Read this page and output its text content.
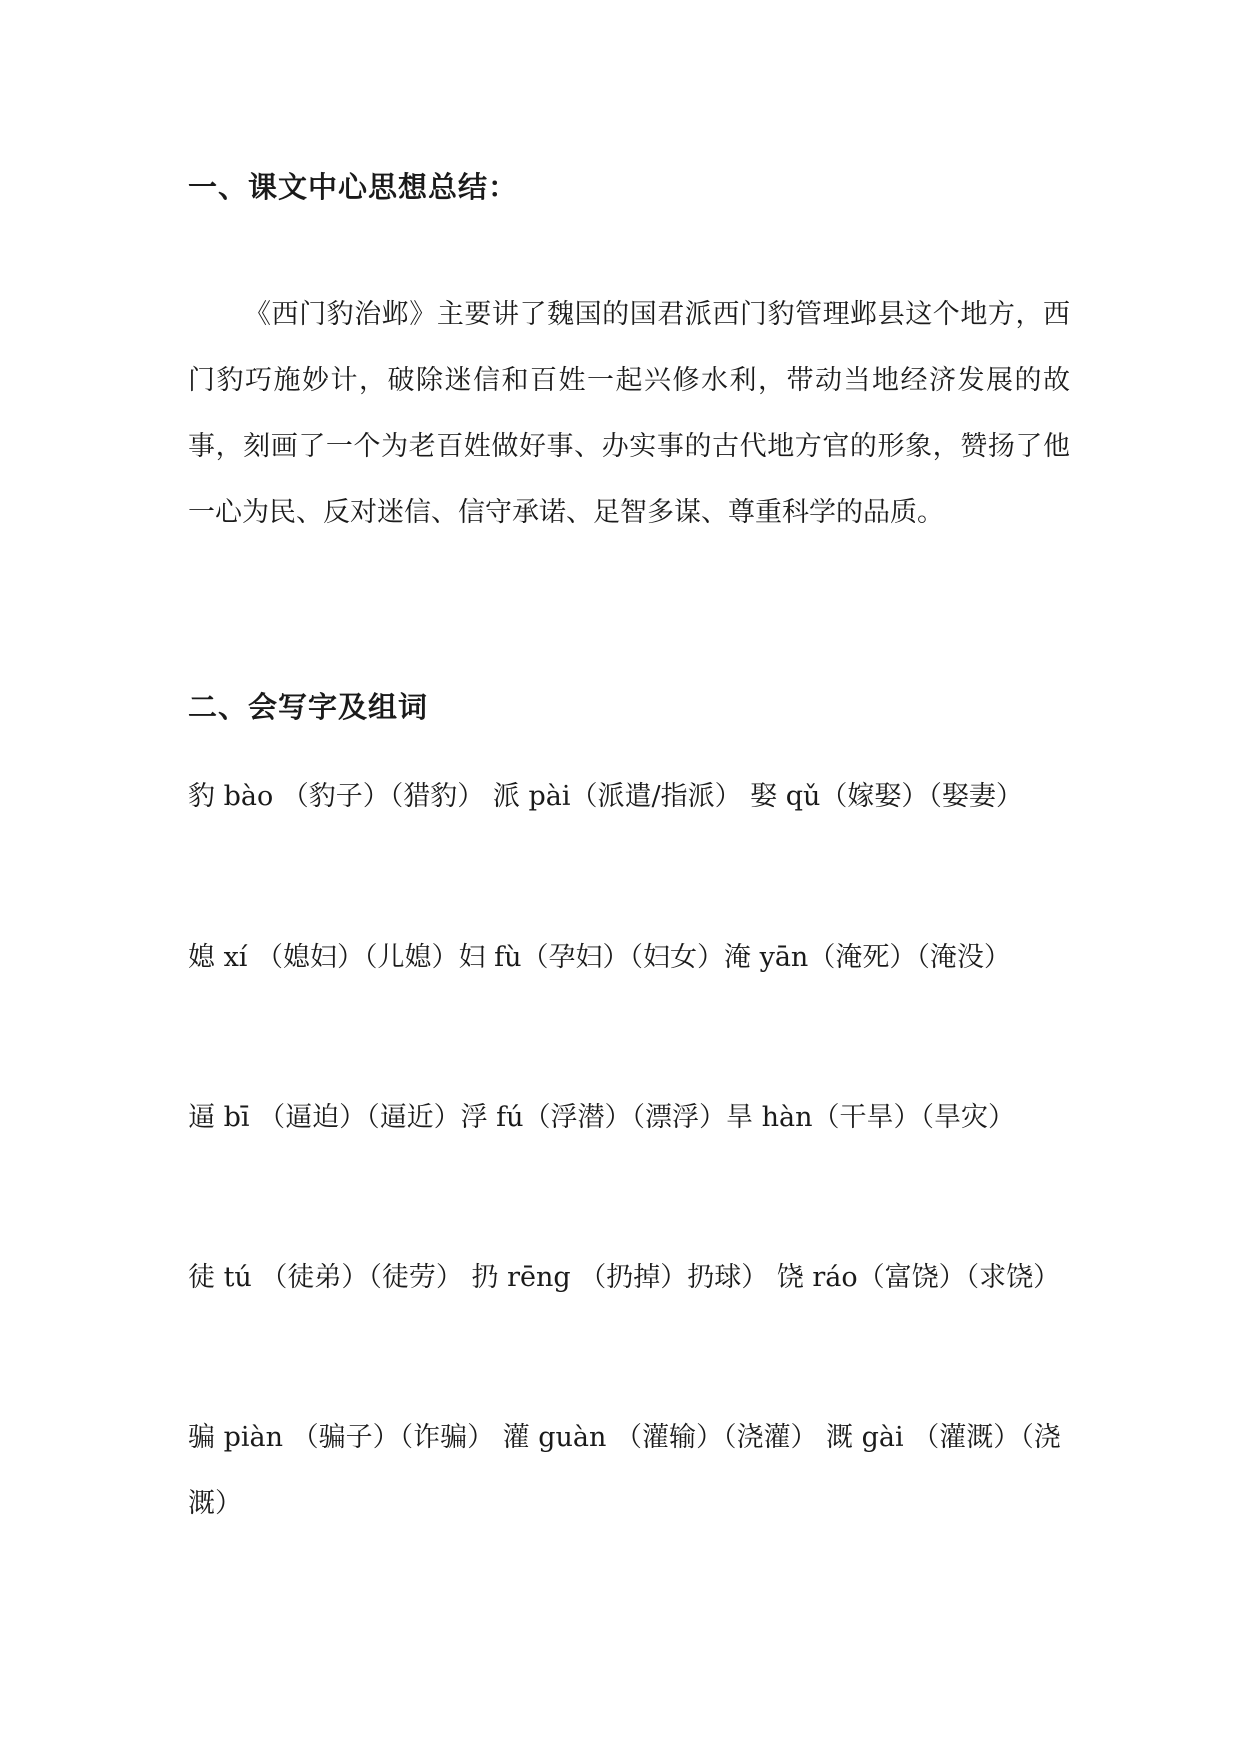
一、课文中心思想总结：

《西门豹治邺》主要讲了魏国的国君派西门豹管理邺县这个地方，西门豹巧施妙计，破除迷信和百姓一起兴修水利，带动当地经济发展的故事，刻画了一个为老百姓做好事、办实事的古代地方官的形象，赞扬了他一心为民、反对迷信、信守承诺、足智多谋、尊重科学的品质。

二、会写字及组词

豹 bào （豹子）（猎豹） 派 pài（派遣/指派） 娶 qǔ（嫁娶）（娶妻）

媳 xí （媳妇）（儿媳）妇 fù（孕妇）（妇女）淹 yān（淹死）（淹没）

逼 bī （逼迫）（逼近）浮 fú（浮潜）（漂浮）旱 hàn（干旱）（旱灾）

徒 tú （徒弟）（徒劳） 扔 rēng （扔掉）扔球） 饶 ráo（富饶）（求饶）

骗 piàn （骗子）（诈骗） 灌 guàn （灌输）（浇灌） 溉 gài （灌溉）（浇溉）
